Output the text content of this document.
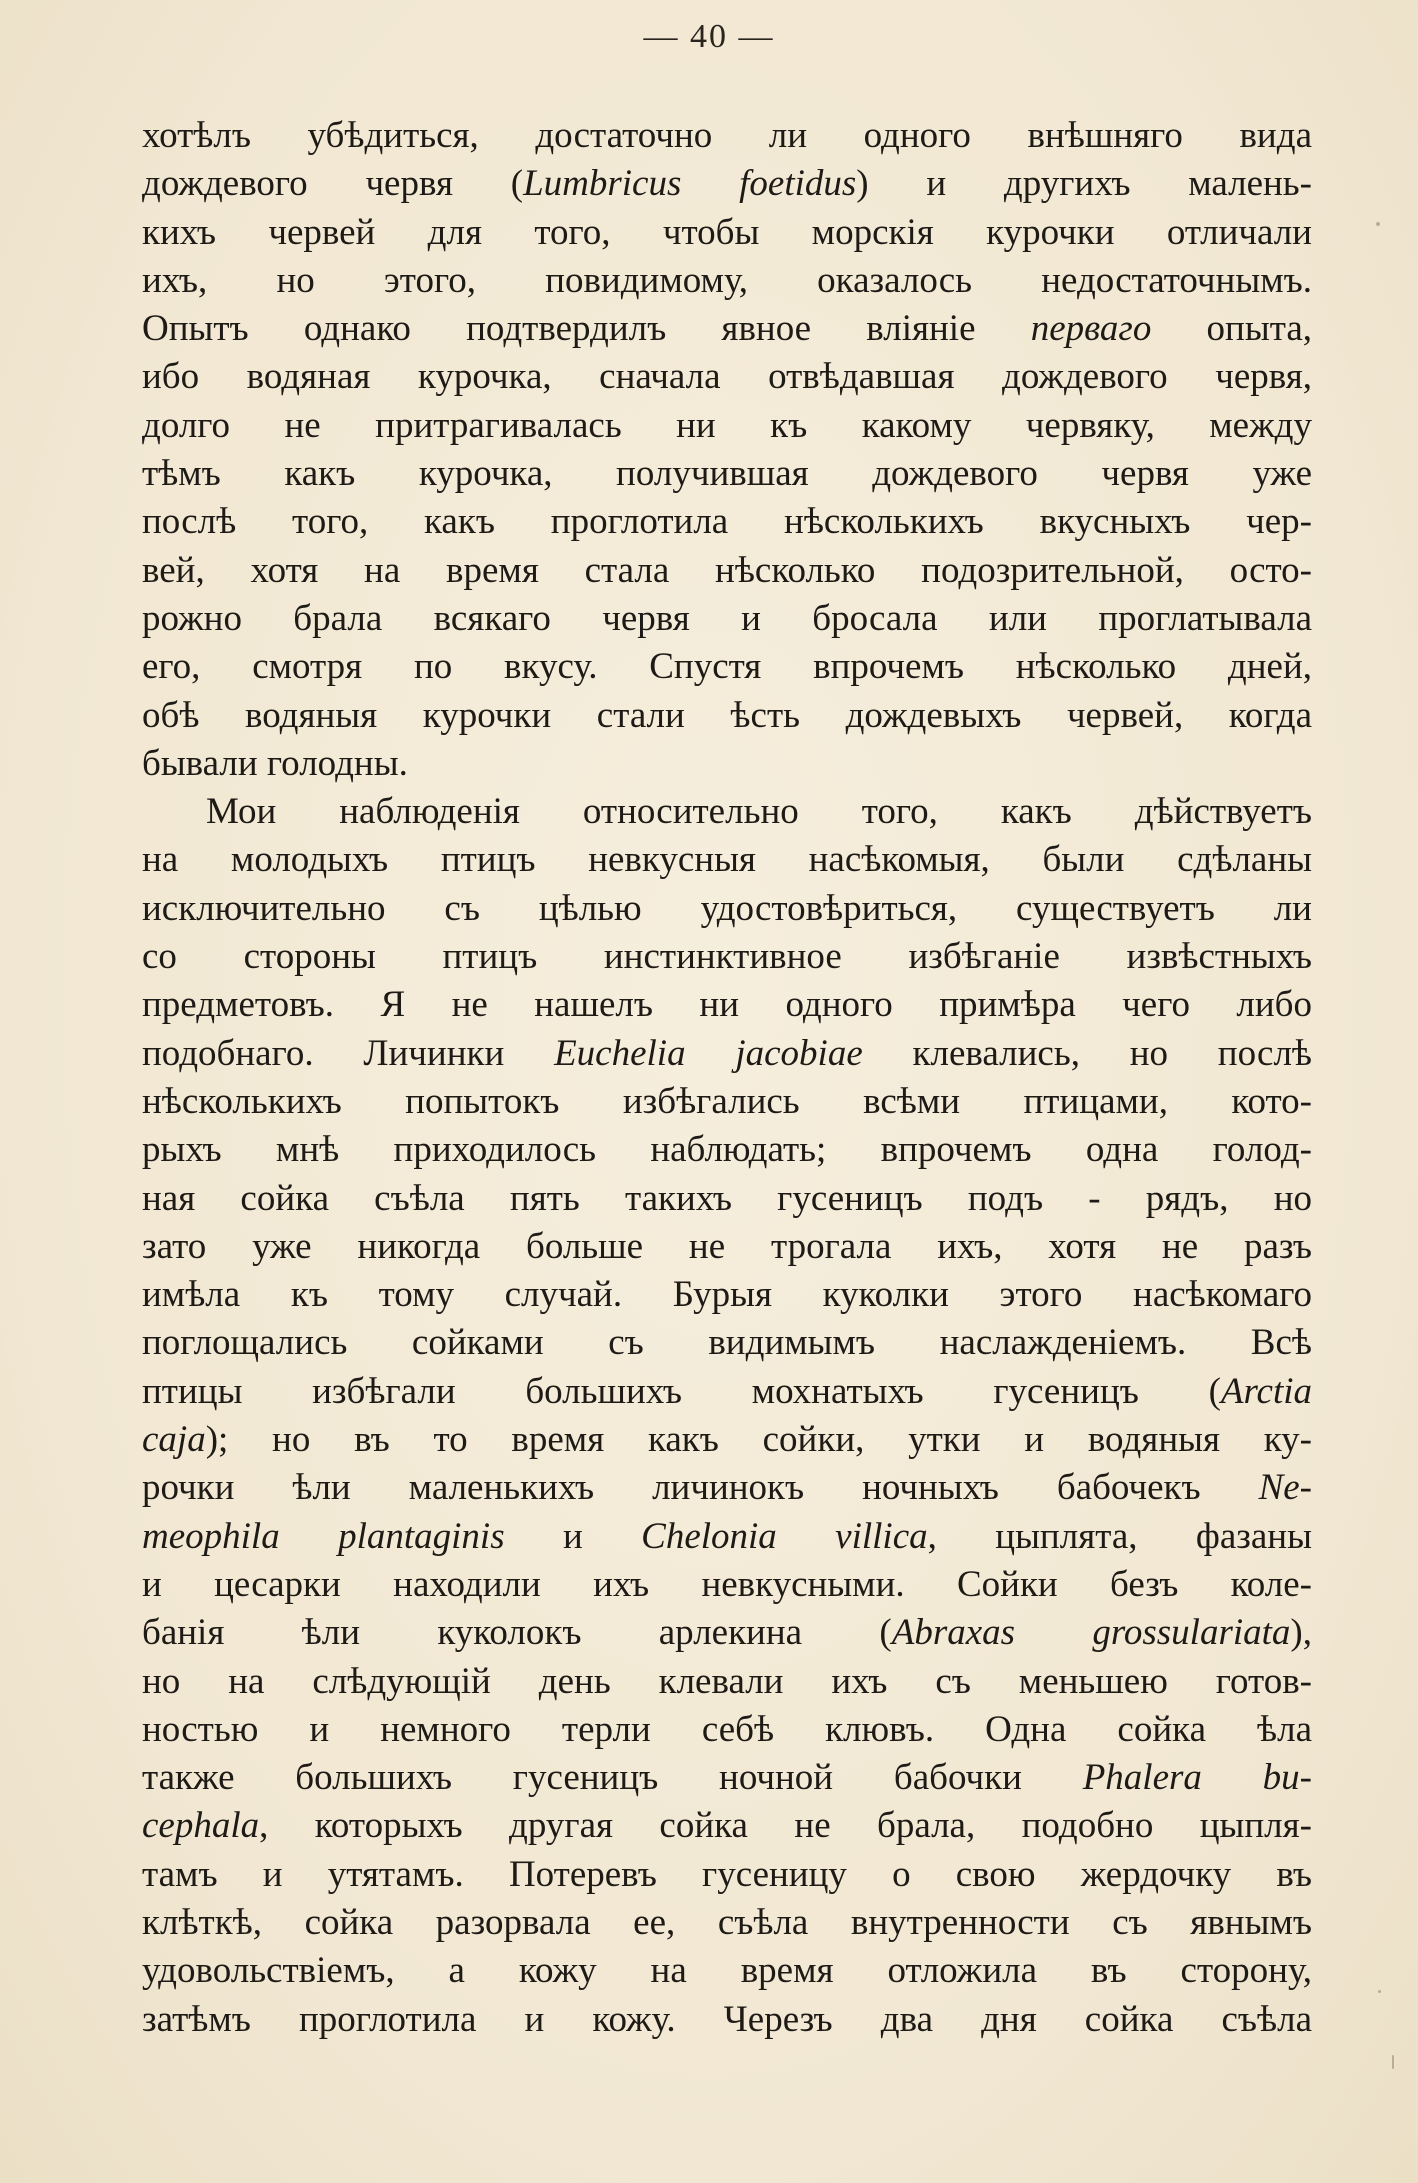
— 40 —
хотѣлъ убѣдиться, достаточно ли одного внѣшняго вида
дождевого червя (Lumbricus foetidus) и другихъ малень-
кихъ червей для того, чтобы морскія курочки отличали
ихъ, но этого, повидимому, оказалось недостаточнымъ.
Опытъ однако подтвердилъ явное вліяніе перваго опыта,
ибо водяная курочка, сначала отвѣдавшая дождевого червя,
долго не притрагивалась ни къ какому червяку, между
тѣмъ какъ курочка, получившая дождевого червя уже
послѣ того, какъ проглотила нѣсколькихъ вкусныхъ чер-
вей, хотя на время стала нѣсколько подозрительной, осто-
рожно брала всякаго червя и бросала или проглатывала
его, смотря по вкусу. Спустя впрочемъ нѣсколько дней,
обѣ водяныя курочки стали ѣсть дождевыхъ червей, когда
бывали голодны.
Мои наблюденія относительно того, какъ дѣйствуетъ
на молодыхъ птицъ невкусныя насѣкомыя, были сдѣланы
исключительно съ цѣлью удостовѣриться, существуетъ ли
со стороны птицъ инстинктивное избѣганіе извѣстныхъ
предметовъ. Я не нашелъ ни одного примѣра чего либо
подобнаго. Личинки Euchelia jacobiae клевались, но послѣ
нѣсколькихъ попытокъ избѣгались всѣми птицами, кото-
рыхъ мнѣ приходилось наблюдать; впрочемъ одна голод-
ная сойка съѣла пять такихъ гусеницъ подъ - рядъ, но
зато уже никогда больше не трогала ихъ, хотя не разъ
имѣла къ тому случай. Бурыя куколки этого насѣкомаго
поглощались сойками съ видимымъ наслажденіемъ. Всѣ
птицы избѣгали большихъ мохнатыхъ гусеницъ (Arctia
caja); но въ то время какъ сойки, утки и водяныя ку-
рочки ѣли маленькихъ личинокъ ночныхъ бабочекъ Ne-
meophila plantaginis и Chelonia villica, цыплята, фазаны
и цесарки находили ихъ невкусными. Сойки безъ коле-
банія ѣли куколокъ арлекина (Abraxas grossulariata),
но на слѣдующій день клевали ихъ съ меньшею готов-
ностью и немного терли себѣ клювъ. Одна сойка ѣла
также большихъ гусеницъ ночной бабочки Phalera bu-
cephala, которыхъ другая сойка не брала, подобно цыпля-
тамъ и утятамъ. Потеревъ гусеницу о свою жердочку въ
клѣткѣ, сойка разорвала ее, съѣла внутренности съ явнымъ
удовольствіемъ, а кожу на время отложила въ сторону,
затѣмъ проглотила и кожу. Черезъ два дня сойка съѣла
